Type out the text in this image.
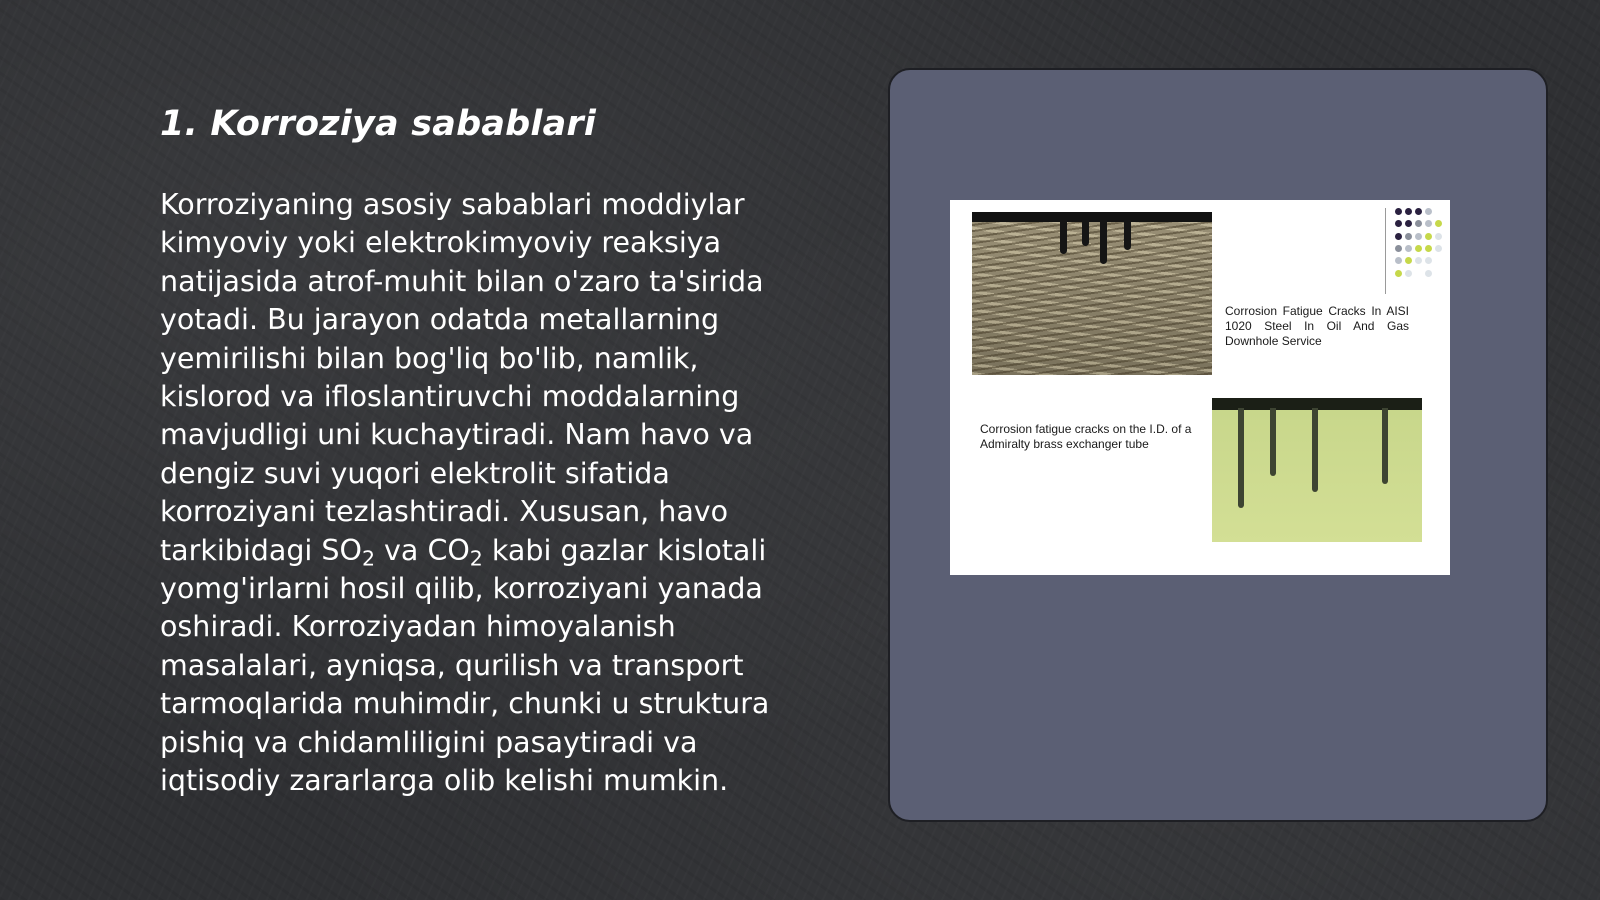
1. Korroziya sabablari

Korroziyaning asosiy sabablari moddiylar kimyoviy yoki elektrokimyoviy reaksiya natijasida atrof-muhit bilan o'zaro ta'sirida yotadi. Bu jarayon odatda metallarning yemirilishi bilan bog'liq bo'lib, namlik, kislorod va ifloslantiruvchi moddalarning mavjudligi uni kuchaytiradi. Nam havo va dengiz suvi yuqori elektrolit sifatida korroziyani tezlashtiradi. Xususan, havo tarkibidagi $SO_2$ va $CO_2$ kabi gazlar kislotali yomg'irlarni hosil qilib, korroziyani yanada oshiradi. Korroziyadan himoyalanish masalalari, ayniqsa, qurilish va transport tarmoqlarida muhimdir, chunki u struktura pishiq va chidamliligini pasaytiradi va iqtisodiy zararlarga olib kelishi mumkin.

Corrosion Fatigue Cracks In AISI 1020 Steel In Oil And Gas Downhole Service

Corrosion fatigue cracks on the I.D. of a Admiralty brass exchanger tube
